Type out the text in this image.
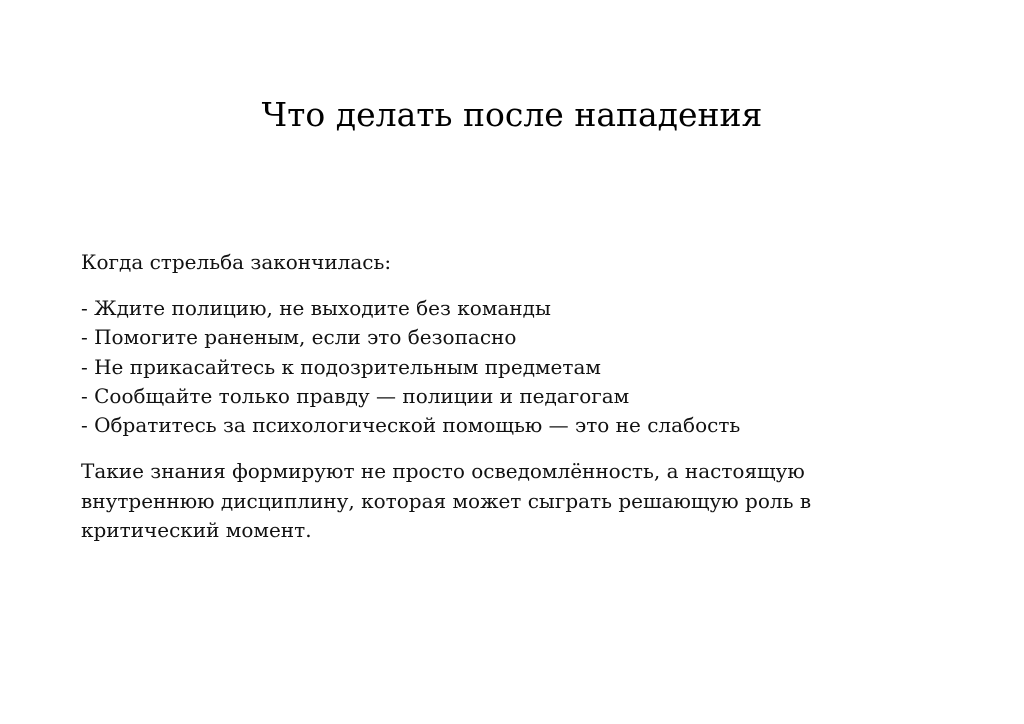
Что делать после нападения

Когда стрельба закончилась:

- Ждите полицию, не выходите без команды
- Помогите раненым, если это безопасно
- Не прикасайтесь к подозрительным предметам
- Сообщайте только правду — полиции и педагогам
- Обратитесь за психологической помощью — это не слабость

Такие знания формируют не просто осведомлённость, а настоящую внутреннюю дисциплину, которая может сыграть решающую роль в критический момент.
